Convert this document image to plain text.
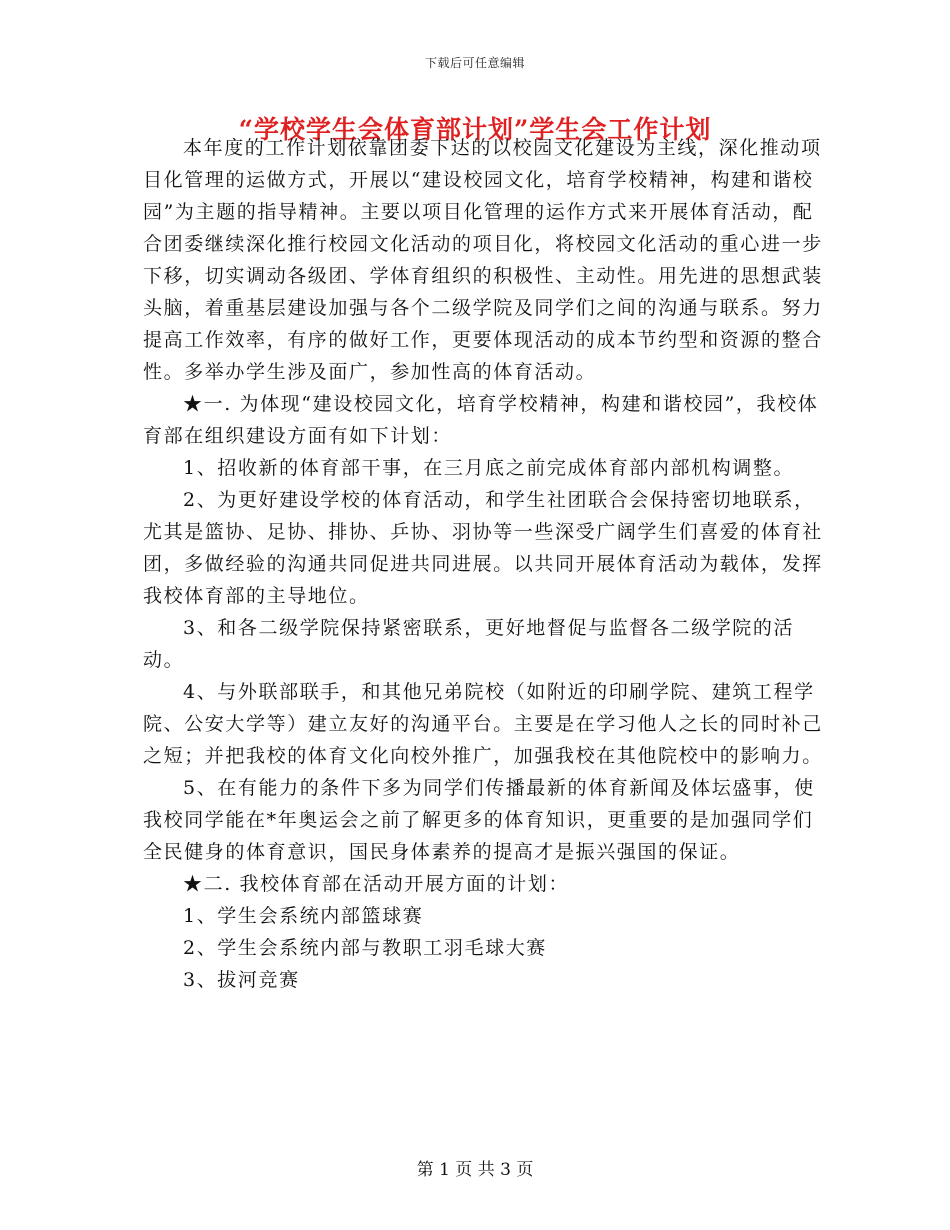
下载后可任意编辑
“学校学生会体育部计划”学生会工作计划

本年度的工作计划依靠团委下达的以校园文化建设为主线，深化推动项目化管理的运做方式，开展以“建设校园文化，培育学校精神，构建和谐校园”为主题的指导精神。主要以项目化管理的运作方式来开展体育活动，配合团委继续深化推行校园文化活动的项目化，将校园文化活动的重心进一步下移，切实调动各级团、学体育组织的积极性、主动性。用先进的思想武装头脑，着重基层建设加强与各个二级学院及同学们之间的沟通与联系。努力提高工作效率，有序的做好工作，更要体现活动的成本节约型和资源的整合性。多举办学生涉及面广，参加性高的体育活动。

★一. 为体现“建设校园文化，培育学校精神，构建和谐校园”，我校体育部在组织建设方面有如下计划：

1、招收新的体育部干事，在三月底之前完成体育部内部机构调整。

2、为更好建设学校的体育活动，和学生社团联合会保持密切地联系，尤其是篮协、足协、排协、乒协、羽协等一些深受广阔学生们喜爱的体育社团，多做经验的沟通共同促进共同进展。以共同开展体育活动为载体，发挥我校体育部的主导地位。

3、和各二级学院保持紧密联系，更好地督促与监督各二级学院的活动。

4、与外联部联手，和其他兄弟院校（如附近的印刷学院、建筑工程学院、公安大学等）建立友好的沟通平台。主要是在学习他人之长的同时补己之短；并把我校的体育文化向校外推广，加强我校在其他院校中的影响力。

5、在有能力的条件下多为同学们传播最新的体育新闻及体坛盛事，使我校同学能在*年奥运会之前了解更多的体育知识，更重要的是加强同学们全民健身的体育意识，国民身体素养的提高才是振兴强国的保证。

★二. 我校体育部在活动开展方面的计划：

1、学生会系统内部篮球赛

2、学生会系统内部与教职工羽毛球大赛

3、拔河竞赛

第 1 页 共 3 页
